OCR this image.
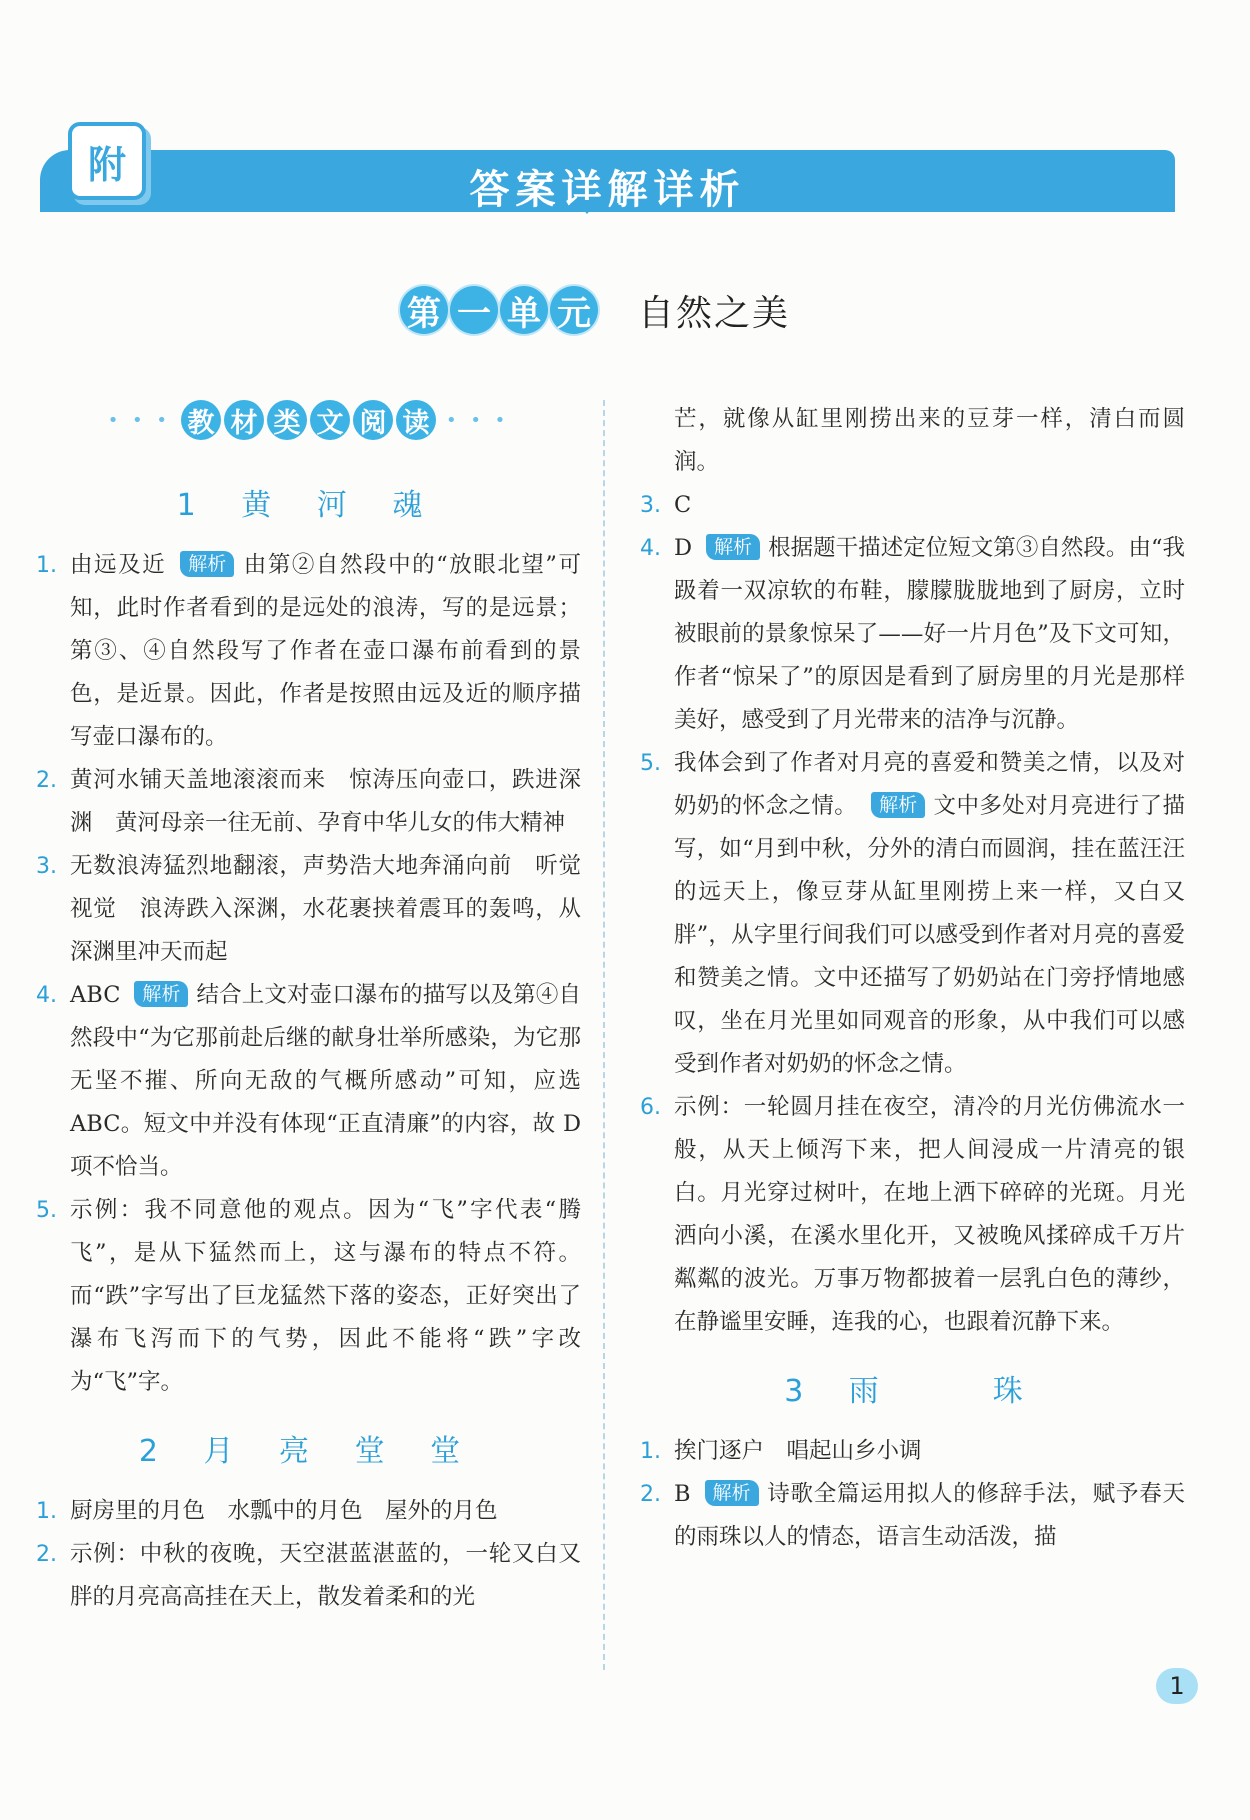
答案详解详析
附
第 一 单 元 自然之美
• • • 教 材 类 文 阅 读 • • •
1 黄 河 魂
1. 由远及近 解析 由第②自然段中的“放眼北望”可知，此时作者看到的是远处的浪涛，写的是远景；第③、④自然段写了作者在壶口瀑布前看到的景色，是近景。因此，作者是按照由远及近的顺序描写壶口瀑布的。
2. 黄河水铺天盖地滚滚而来　惊涛压向壶口，跌进深渊　黄河母亲一往无前、孕育中华儿女的伟大精神
3. 无数浪涛猛烈地翻滚，声势浩大地奔涌向前　听觉　视觉　浪涛跌入深渊，水花裹挟着震耳的轰鸣，从深渊里冲天而起
4. ABC 解析 结合上文对壶口瀑布的描写以及第④自然段中“为它那前赴后继的献身壮举所感染，为它那无坚不摧、所向无敌的气概所感动”可知，应选 ABC。短文中并没有体现“正直清廉”的内容，故 D 项不恰当。
5. 示例：我不同意他的观点。因为“飞”字代表“腾飞”，是从下猛然而上，这与瀑布的特点不符。而“跌”字写出了巨龙猛然下落的姿态，正好突出了瀑布飞泻而下的气势，因此不能将“跌”字改为“飞”字。
2 月 亮 堂 堂
1. 厨房里的月色　水瓢中的月色　屋外的月色
2. 示例：中秋的夜晚，天空湛蓝湛蓝的，一轮又白又胖的月亮高高挂在天上，散发着柔和的光
芒，就像从缸里刚捞出来的豆芽一样，清白而圆润。
3. C
4. D 解析 根据题干描述定位短文第③自然段。由“我趿着一双凉软的布鞋，朦朦胧胧地到了厨房，立时被眼前的景象惊呆了——好一片月色”及下文可知，作者“惊呆了”的原因是看到了厨房里的月光是那样美好，感受到了月光带来的洁净与沉静。
5. 我体会到了作者对月亮的喜爱和赞美之情，以及对奶奶的怀念之情。 解析 文中多处对月亮进行了描写，如“月到中秋，分外的清白而圆润，挂在蓝汪汪的远天上，像豆芽从缸里刚捞上来一样，又白又胖”，从字里行间我们可以感受到作者对月亮的喜爱和赞美之情。文中还描写了奶奶站在门旁抒情地感叹，坐在月光里如同观音的形象，从中我们可以感受到作者对奶奶的怀念之情。
6. 示例：一轮圆月挂在夜空，清冷的月光仿佛流水一般，从天上倾泻下来，把人间浸成一片清亮的银白。月光穿过树叶，在地上洒下碎碎的光斑。月光洒向小溪，在溪水里化开，又被晚风揉碎成千万片粼粼的波光。万事万物都披着一层乳白色的薄纱，在静谧里安睡，连我的心，也跟着沉静下来。
3 雨　　珠
1. 挨门逐户　唱起山乡小调
2. B 解析 诗歌全篇运用拟人的修辞手法，赋予春天的雨珠以人的情态，语言生动活泼，描
1
